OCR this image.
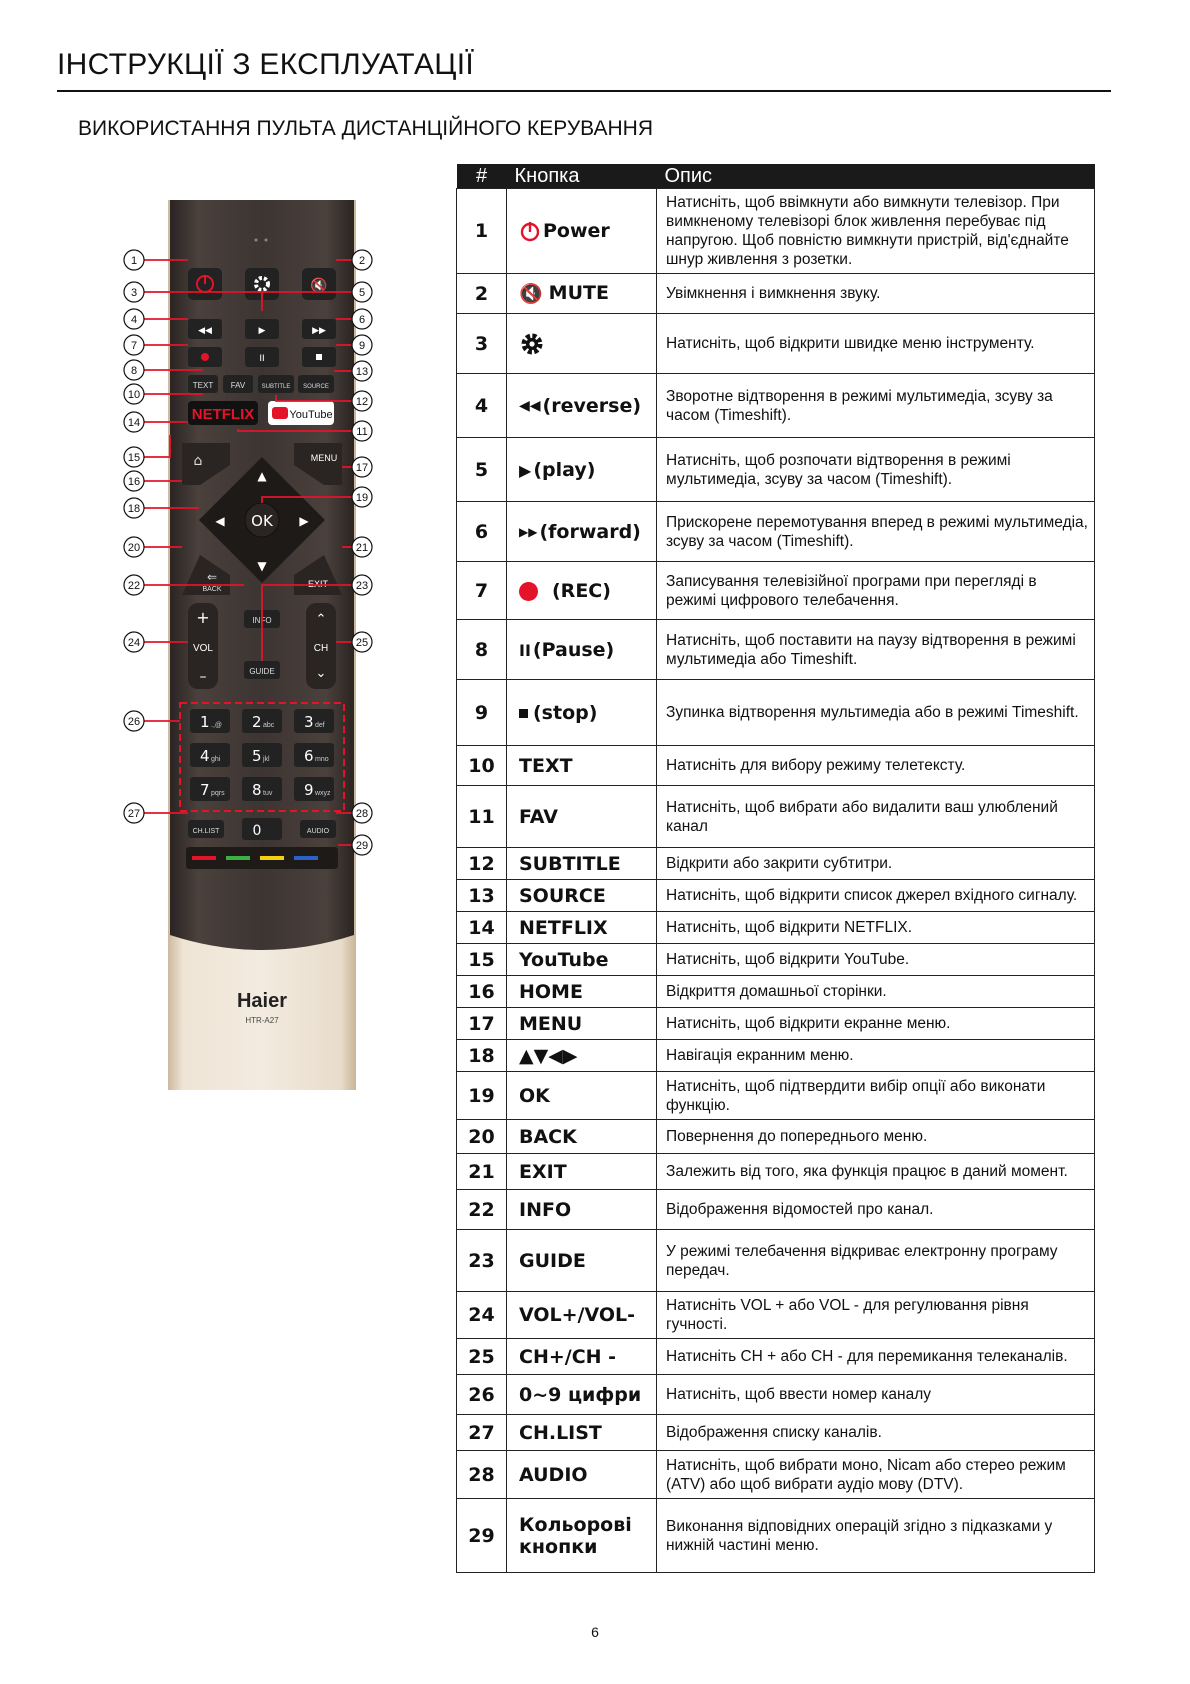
ІНСТРУКЦІЇ З ЕКСПЛУАТАЦІЇ
ВИКОРИСТАННЯ ПУЛЬТА ДИСТАНЦІЙНОГО КЕРУВАННЯ
🔇
◀◀	▶	▶▶
II
TEXT FAV	SUBTITLE SOURCE
NETFLIX	YouTube
⌂	MENU
▲
▼
◀	▶
OK
⇐
BACK
EXIT
+
VOL
–
INFO
GUIDE
⌃
CH
⌄
1 .,@ 2 abc 3 def
4 ghi 5 jkl 6 mno
7 pqrs 8 tuv 9 wxyz
CH.LIST 0	AUDIO
Haier
HTR-A27
1	2
3
4
5
6
7
8
9
10
11
12
13
14
15
16
17
18
19
20	21
22	23
24	25
26
27	28
29
#	Кнопка	Опис
1	Power	Натисніть, щоб ввімкнути або вимкнути телевізор. При вимкненому телевізорі блок живлення перебуває під напругою. Щоб повністю вимкнути пристрій, від'єднайте шнур живлення з розетки.
2	🔇 MUTE	Увімкнення і вимкнення звуку.
3		Натисніть, щоб відкрити швидке меню інструменту.
4	◀◀ (reverse)	Зворотне відтворення в режимі мультимедіа, зсуву за часом (Timeshift).
5	▶ (play)	Натисніть, щоб розпочати відтворення в режимі мультимедіа, зсуву за часом (Timeshift).
6	▶▶ (forward)	Прискорене перемотування вперед в режимі мультимедіа, зсуву за часом (Timeshift).
7	(REC)	Записування телевізійної програми при перегляді в режимі цифрового телебачення.
8	II (Pause)	Натисніть, щоб поставити на паузу відтворення в режимі мультимедіа або Timeshift.
9	(stop)	Зупинка відтворення мультимедіа або в режимі Timeshift.
10	TEXT	Натисніть для вибору режиму телетексту.
11	FAV	Натисніть, щоб вибрати або видалити ваш улюблений канал
12	SUBTITLE	Відкрити або закрити субтитри.
13	SOURCE	Натисніть, щоб відкрити список джерел вхідного сигналу.
14	NETFLIX	Натисніть, щоб відкрити NETFLIX.
15	YouTube	Натисніть, щоб відкрити YouTube.
16	HOME	Відкриття домашньої сторінки.
17	MENU	Натисніть, щоб відкрити екранне меню.
18	▲▼◀▶	Навігація екранним меню.
19	OK	Натисніть, щоб підтвердити вибір опції або виконати функцію.
20	BACK	Повернення до попереднього меню.
21	EXIT	Залежить від того, яка функція працює в даний момент.
22	INFO	Відображення відомостей про канал.
23	GUIDE	У режимі телебачення відкриває електронну програму передач.
24	VOL+/VOL-	Натисніть VOL + або VOL - для регулювання рівня гучності.
25	CH+/CH -	Натисніть CH + або CH - для перемикання телеканалів.
26	0~9 цифри	Натисніть, щоб ввести номер каналу
27	CH.LIST	Відображення списку каналів.
28	AUDIO	Натисніть, щоб вибрати моно, Nicam або стерео режим (ATV) або щоб вибрати аудіо мову (DTV).
29	Кольорові кнопки	Виконання відповідних операцій згідно з підказками у нижній частині меню.
6
